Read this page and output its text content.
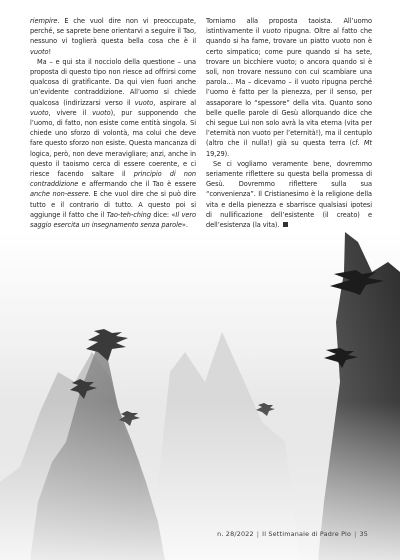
riempire. E che vuol dire non vi preoccupate, perché, se saprete bene orientarvi a seguire il Tao, nessuno vi toglierà questa bella cosa che è il vuoto!

Ma – e qui sta il nocciolo della questione – una proposta di questo tipo non riesce ad offrirsi come qualcosa di gratificante. Da qui vien fuori anche un’evidente contraddizione. All’uomo si chiede qualcosa (indirizzarsi verso il vuoto, aspirare al vuoto, vivere il vuoto), pur supponendo che l’uomo, di fatto, non esiste come entità singola. Si chiede uno sforzo di volontà, ma colui che deve fare questo sforzo non esiste. Questa mancanza di logica, però, non deve meravigliare; anzi, anche in questo il taoismo cerca di essere coerente, e ci riesce facendo saltare il principio di non contraddizione e affermando che il Tao è essere anche non-essere. E che vuol dire che si può dire tutto e il contrario di tutto. A questo poi si aggiunge il fatto che il Tao-teh-ching dice: «Il vero saggio esercita un insegnamento senza parole».

Torniamo alla proposta taoista. All’uomo istintivamente il vuoto ripugna. Oltre al fatto che quando si ha fame, trovare un piatto vuoto non è certo simpatico; come pure quando si ha sete, trovare un bicchiere vuoto; o ancora quando si è soli, non trovare nessuno con cui scambiare una parola… Ma – dicevamo – il vuoto ripugna perché l’uomo è fatto per la pienezza, per il senso, per assaporare lo “spessore” della vita. Quanto sono belle quelle parole di Gesù allorquando dice che chi segue Lui non solo avrà la vita eterna (vita per l’eternità non vuoto per l’eternità!), ma il centuplo (altro che il nulla!) già su questa terra (cf. Mt 19,29).

Se ci vogliamo veramente bene, dovremmo seriamente riflettere su questa bella promessa di Gesù. Dovremmo riflettere sulla sua “convenienza”. Il Cristianesimo è la religione della vita e della pienezza e sbarrisce qualsiasi ipotesi di nullificazione dell’esistente (il creato) e dell’esistenza (la vita).

n. 28/2022 | Il Settimanale di Padre Pio | 35
